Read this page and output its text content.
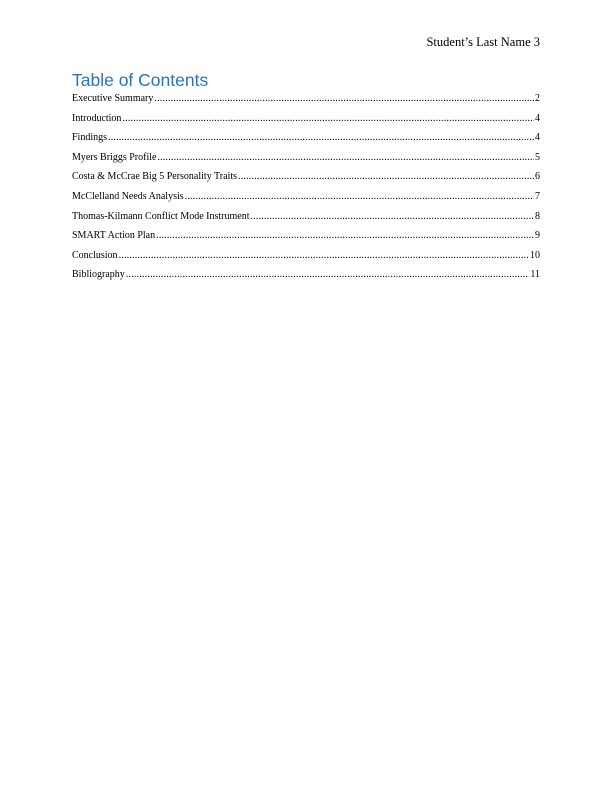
Student’s Last Name 3
Table of Contents
Executive Summary .....	2
Introduction .....	4
Findings .....	4
Myers Briggs Profile .....	5
Costa & McCrae Big 5 Personality Traits .....	6
McClelland Needs Analysis .....	7
Thomas-Kilmann Conflict Mode Instrument .....	8
SMART Action Plan .....	9
Conclusion .....	10
Bibliography .....	11
